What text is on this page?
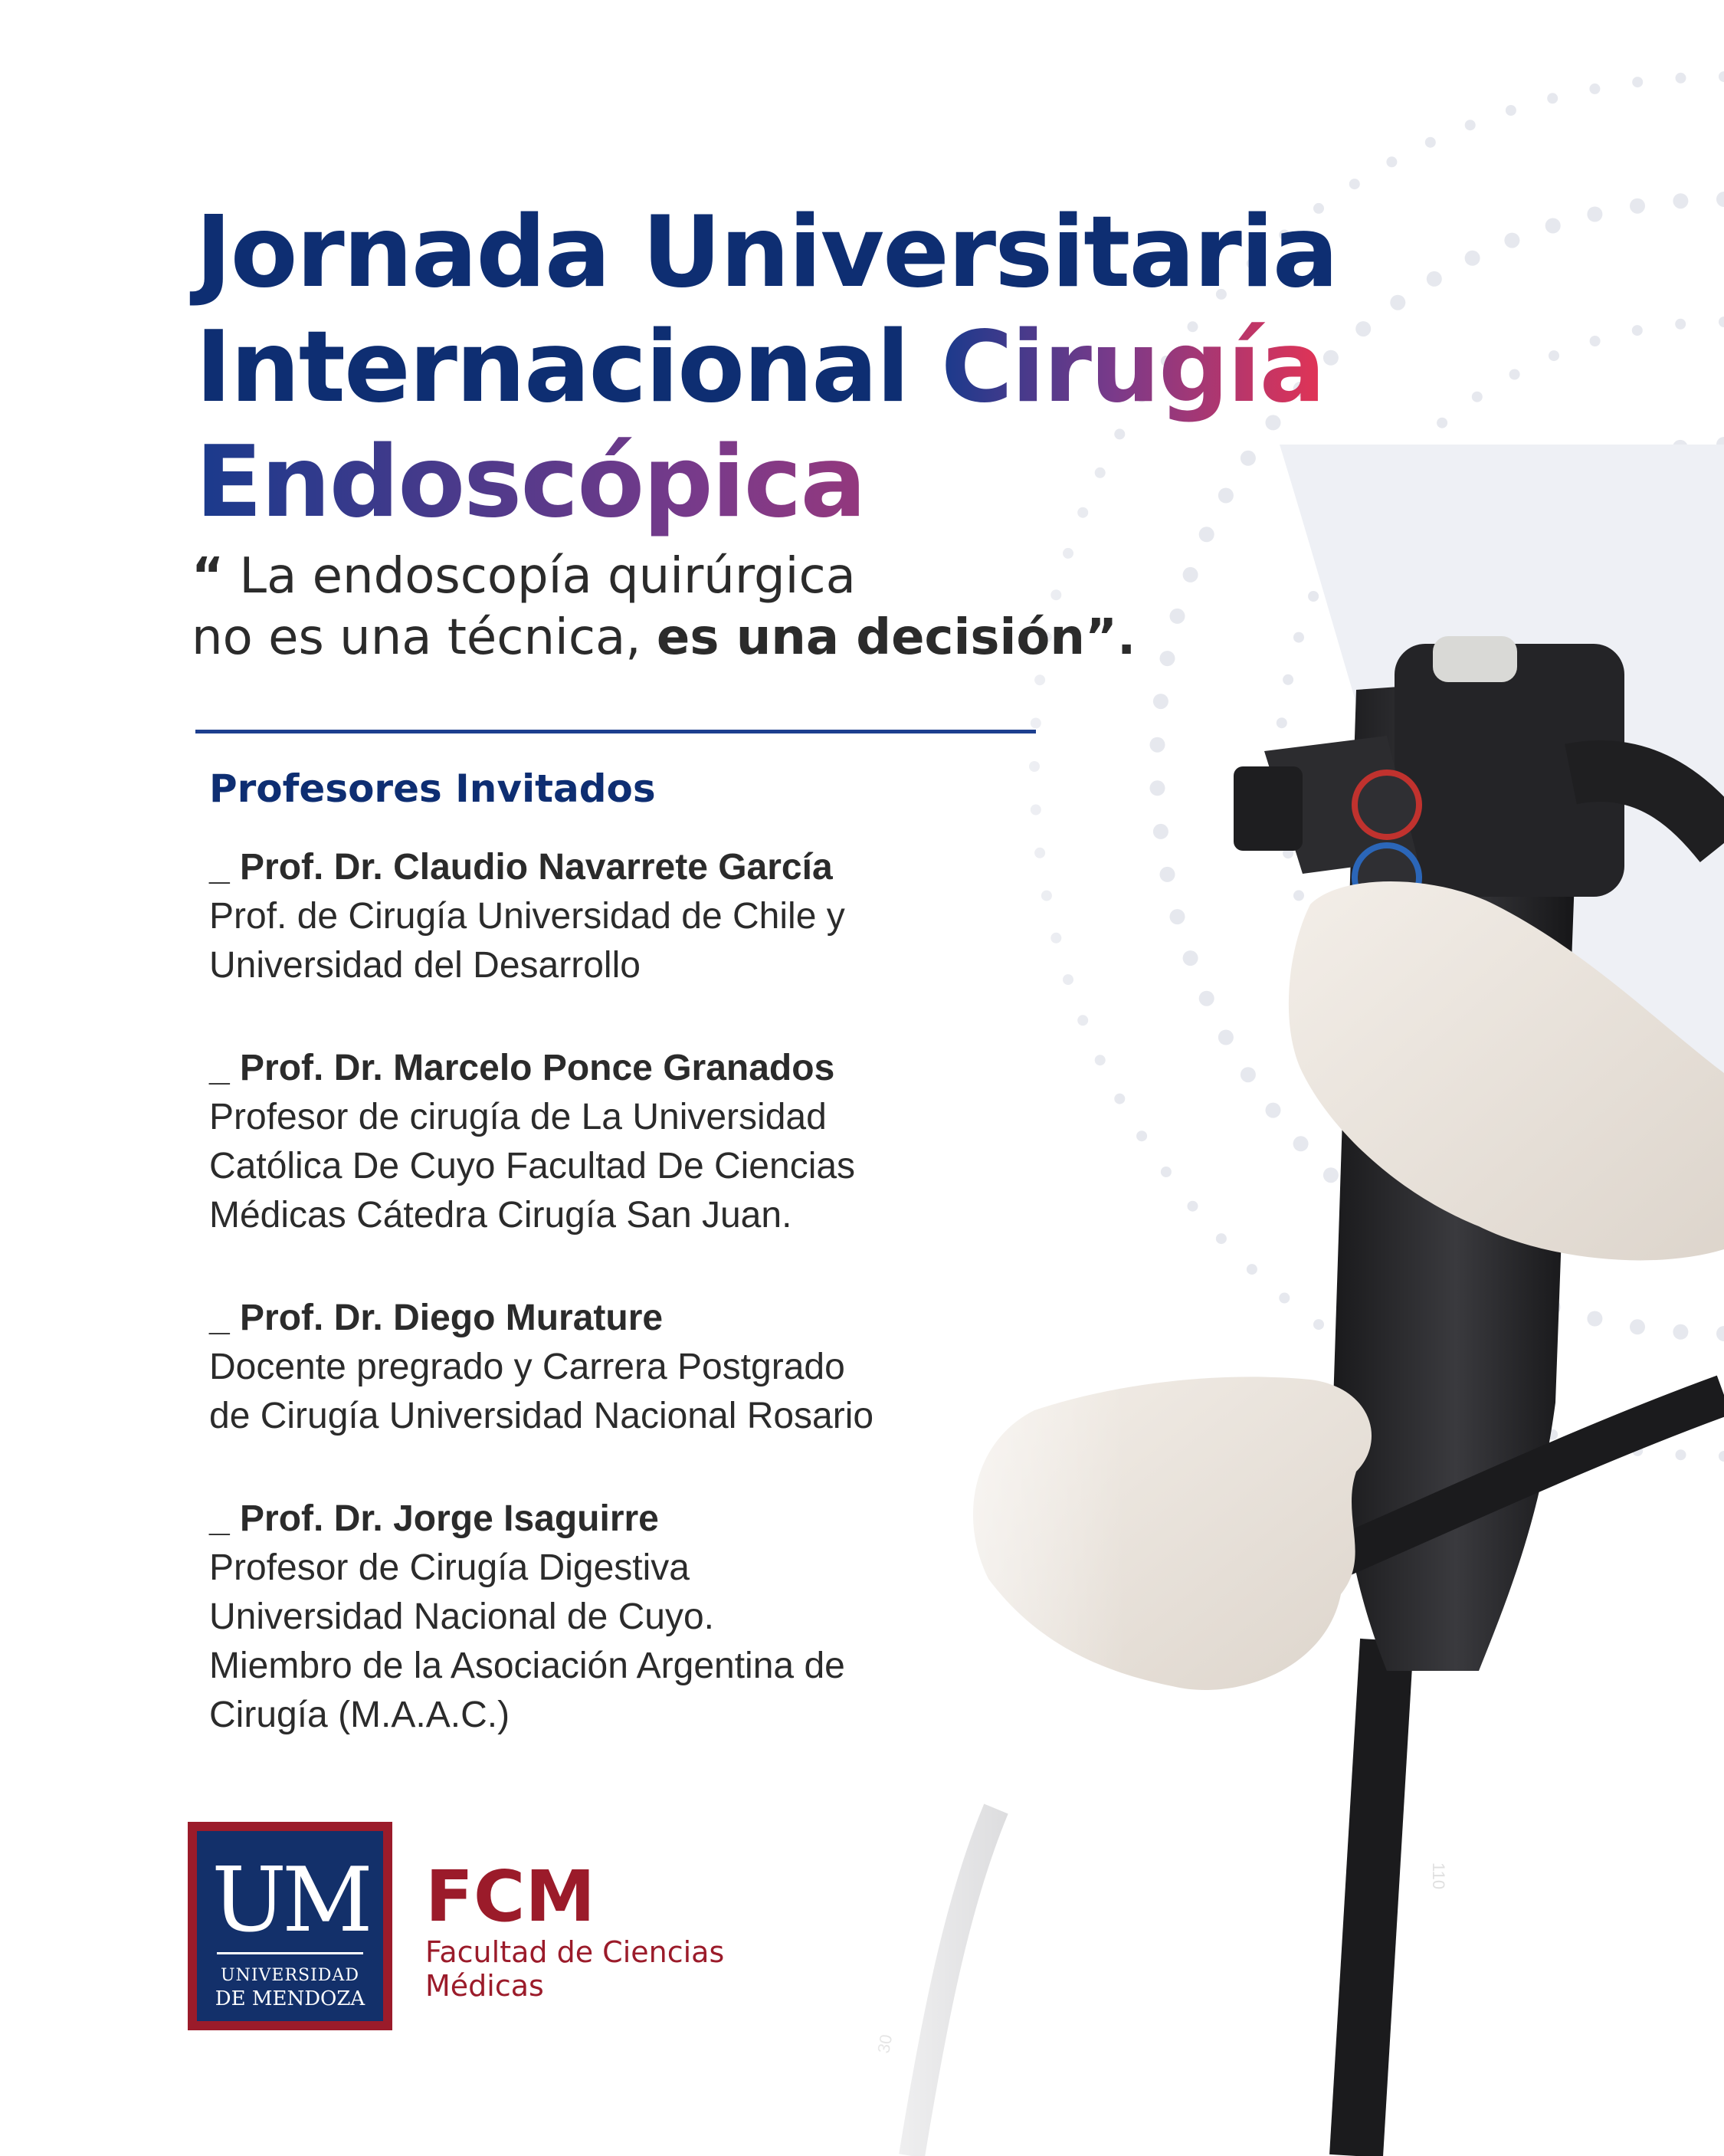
Jornada Universitaria
Internacional Cirugía
Endoscópica
“ La endoscopía quirúrgica
no es una técnica, es una decisión”.
Profesores Invitados
_ Prof. Dr. Claudio Navarrete García
Prof. de Cirugía Universidad de Chile y
Universidad del Desarrollo
_ Prof. Dr. Marcelo Ponce Granados
Profesor de cirugía de La Universidad
Católica De Cuyo Facultad De Ciencias
Médicas Cátedra Cirugía San Juan.
_ Prof. Dr. Diego Murature
Docente pregrado y Carrera Postgrado
de Cirugía Universidad Nacional Rosario
_ Prof. Dr. Jorge Isaguirre
Profesor de Cirugía Digestiva
Universidad Nacional de Cuyo.
Miembro de la Asociación Argentina de
Cirugía (M.A.A.C.)
UM
UNIVERSIDAD
DE MENDOZA
FCM
Facultad de Ciencias Médicas
